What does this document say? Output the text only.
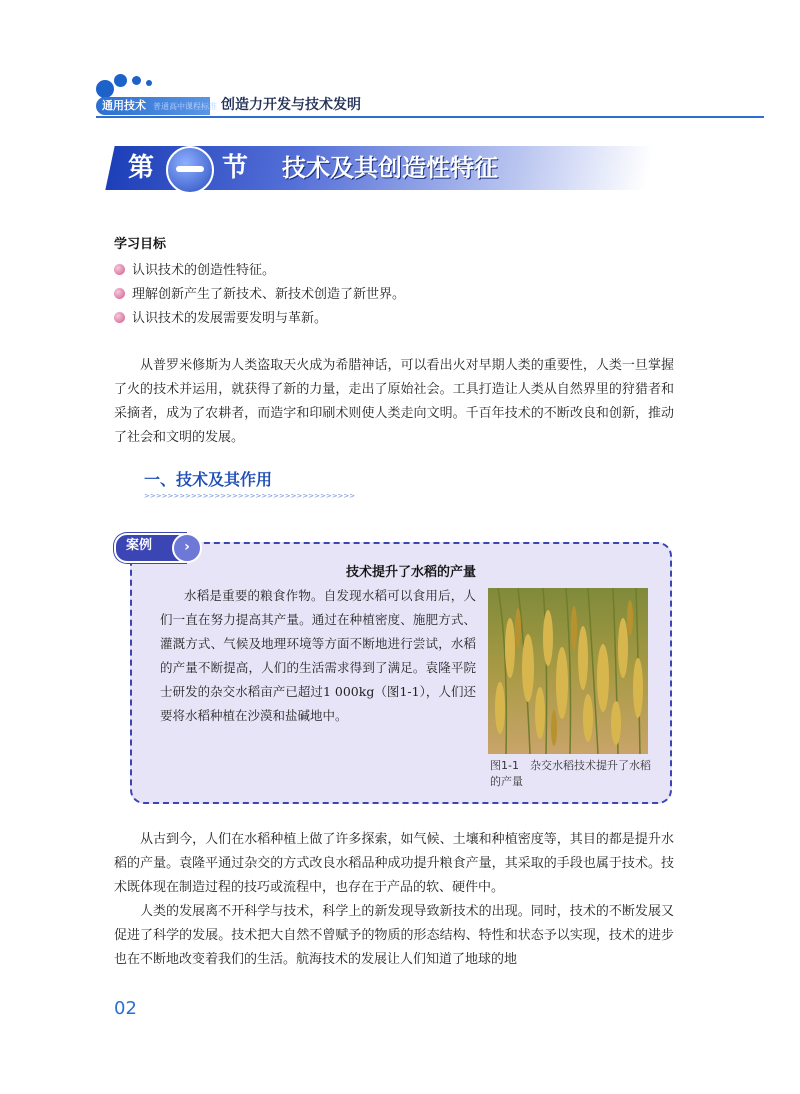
通用技术 普通高中课程标准 创造力开发与技术发明
第	节 技术及其创造性特征
学习目标
认识技术的创造性特征。
理解创新产生了新技术、新技术创造了新世界。
认识技术的发展需要发明与革新。
从普罗米修斯为人类盗取天火成为希腊神话，可以看出火对早期人类的重要性，人类一旦掌握了火的技术并运用，就获得了新的力量，走出了原始社会。工具打造让人类从自然界里的狩猎者和采摘者，成为了农耕者，而造字和印刷术则使人类走向文明。千百年技术的不断改良和创新，推动了社会和文明的发展。
一、技术及其作用
>>>>>>>>>>>>>>>>>>>>>>>>>>>>>>>>>>>>
案例	›
技术提升了水稻的产量
水稻是重要的粮食作物。自发现水稻可以食用后，人们一直在努力提高其产量。通过在种植密度、施肥方式、灌溉方式、气候及地理环境等方面不断地进行尝试，水稻的产量不断提高，人们的生活需求得到了满足。袁隆平院士研发的杂交水稻亩产已超过1 000kg（图1-1），人们还要将水稻种植在沙漠和盐碱地中。
图1-1　杂交水稻技术提升了水稻的产量
从古到今，人们在水稻种植上做了许多探索，如气候、土壤和种植密度等，其目的都是提升水稻的产量。袁隆平通过杂交的方式改良水稻品种成功提升粮食产量，其采取的手段也属于技术。技术既体现在制造过程的技巧或流程中，也存在于产品的软、硬件中。
人类的发展离不开科学与技术，科学上的新发现导致新技术的出现。同时，技术的不断发展又促进了科学的发展。技术把大自然不曾赋予的物质的形态结构、特性和状态予以实现，技术的进步也在不断地改变着我们的生活。航海技术的发展让人们知道了地球的地
02
